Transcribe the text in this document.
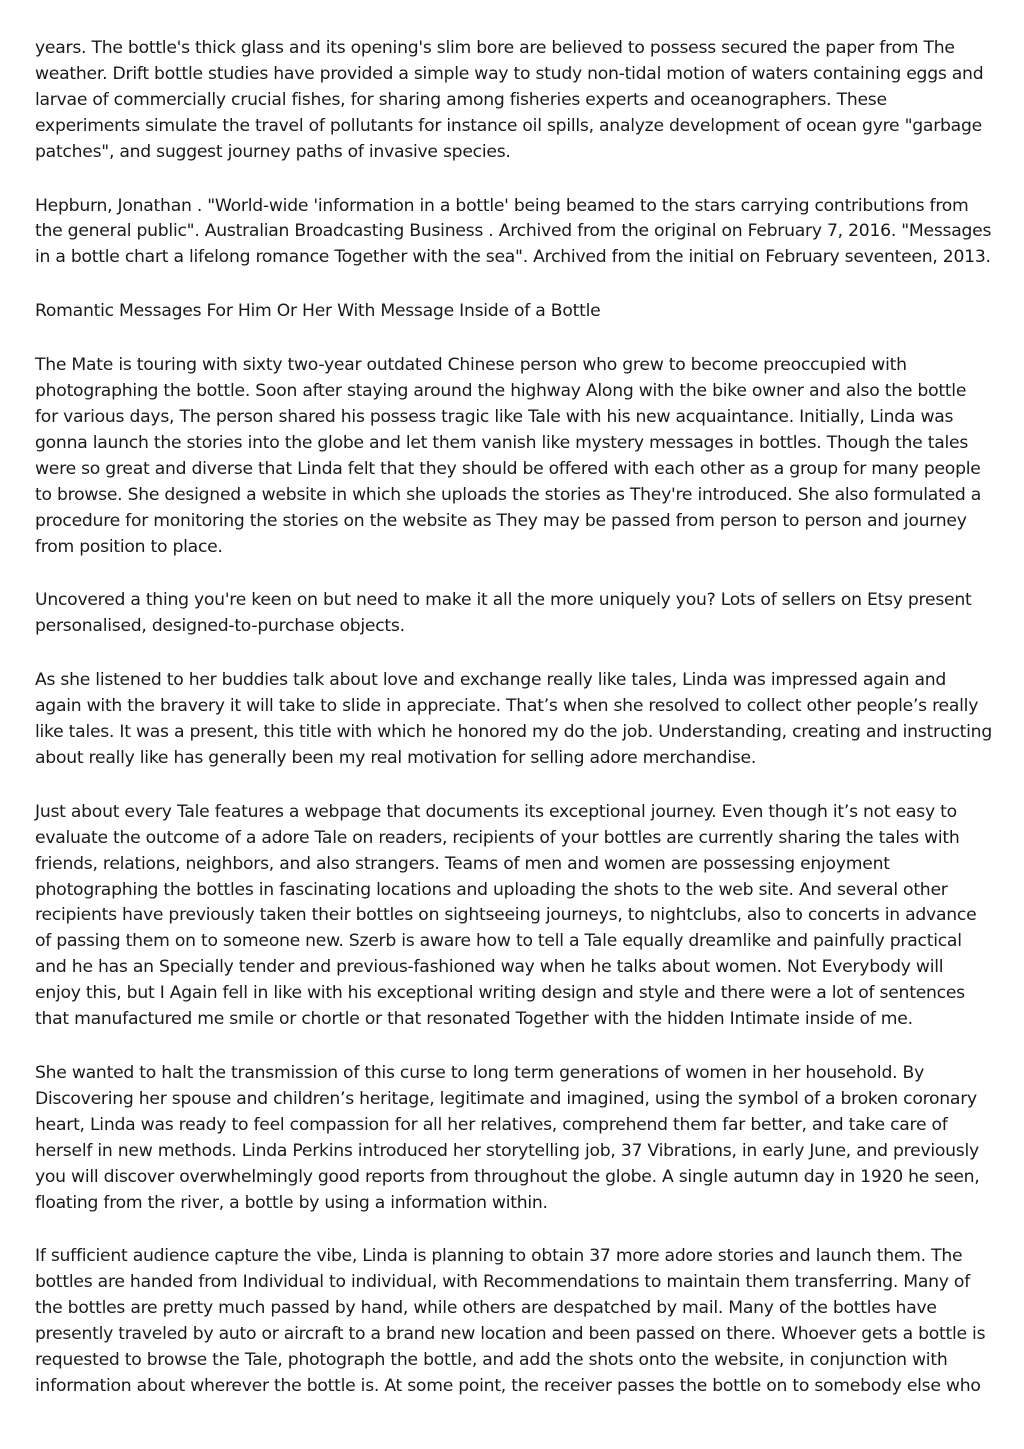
years. The bottle's thick glass and its opening's slim bore are believed to possess secured the paper from The weather. Drift bottle studies have provided a simple way to study non-tidal motion of waters containing eggs and larvae of commercially crucial fishes, for sharing among fisheries experts and oceanographers. These experiments simulate the travel of pollutants for instance oil spills, analyze development of ocean gyre "garbage patches", and suggest journey paths of invasive species.

Hepburn, Jonathan . "World-wide 'information in a bottle' being beamed to the stars carrying contributions from the general public". Australian Broadcasting Business . Archived from the original on February 7, 2016. "Messages in a bottle chart a lifelong romance Together with the sea". Archived from the initial on February seventeen, 2013.

Romantic Messages For Him Or Her With Message Inside of a Bottle

The Mate is touring with sixty two-year outdated Chinese person who grew to become preoccupied with photographing the bottle. Soon after staying around the highway Along with the bike owner and also the bottle for various days, The person shared his possess tragic like Tale with his new acquaintance. Initially, Linda was gonna launch the stories into the globe and let them vanish like mystery messages in bottles. Though the tales were so great and diverse that Linda felt that they should be offered with each other as a group for many people to browse. She designed a website in which she uploads the stories as They're introduced. She also formulated a procedure for monitoring the stories on the website as They may be passed from person to person and journey from position to place.

Uncovered a thing you're keen on but need to make it all the more uniquely you? Lots of sellers on Etsy present personalised, designed-to-purchase objects.

As she listened to her buddies talk about love and exchange really like tales, Linda was impressed again and again with the bravery it will take to slide in appreciate. That’s when she resolved to collect other people’s really like tales. It was a present, this title with which he honored my do the job. Understanding, creating and instructing about really like has generally been my real motivation for selling adore merchandise.

Just about every Tale features a webpage that documents its exceptional journey. Even though it’s not easy to evaluate the outcome of a adore Tale on readers, recipients of your bottles are currently sharing the tales with friends, relations, neighbors, and also strangers. Teams of men and women are possessing enjoyment photographing the bottles in fascinating locations and uploading the shots to the web site. And several other recipients have previously taken their bottles on sightseeing journeys, to nightclubs, also to concerts in advance of passing them on to someone new. Szerb is aware how to tell a Tale equally dreamlike and painfully practical and he has an Specially tender and previous-fashioned way when he talks about women. Not Everybody will enjoy this, but I Again fell in like with his exceptional writing design and style and there were a lot of sentences that manufactured me smile or chortle or that resonated Together with the hidden Intimate inside of me.

She wanted to halt the transmission of this curse to long term generations of women in her household. By Discovering her spouse and children’s heritage, legitimate and imagined, using the symbol of a broken coronary heart, Linda was ready to feel compassion for all her relatives, comprehend them far better, and take care of herself in new methods. Linda Perkins introduced her storytelling job, 37 Vibrations, in early June, and previously you will discover overwhelmingly good reports from throughout the globe. A single autumn day in 1920 he seen, floating from the river, a bottle by using a information within.

If sufficient audience capture the vibe, Linda is planning to obtain 37 more adore stories and launch them. The bottles are handed from Individual to individual, with Recommendations to maintain them transferring. Many of the bottles are pretty much passed by hand, while others are despatched by mail. Many of the bottles have presently traveled by auto or aircraft to a brand new location and been passed on there. Whoever gets a bottle is requested to browse the Tale, photograph the bottle, and add the shots onto the website, in conjunction with information about wherever the bottle is. At some point, the receiver passes the bottle on to somebody else who
